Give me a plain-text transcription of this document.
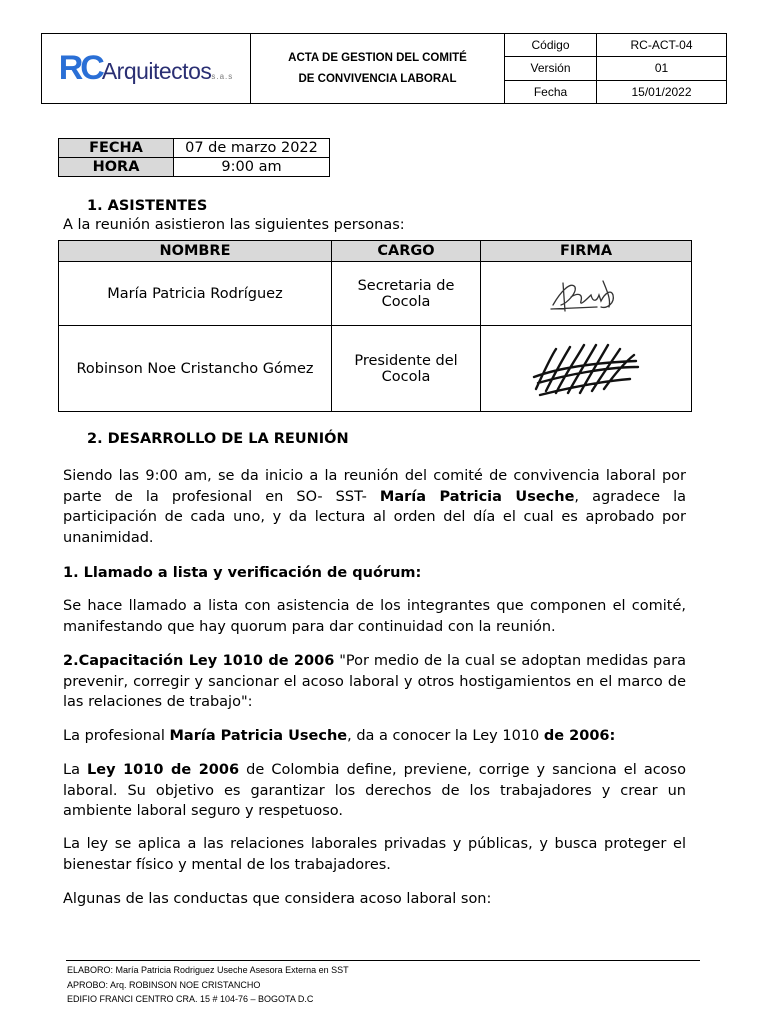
RCArquitectoss.a.s	ACTA DE GESTION DEL COMITÉ
DE CONVIVENCIA LABORAL	Código	RC-ACT-04
		Versión	01
		Fecha	15/01/2022
FECHA	07 de marzo 2022
HORA	9:00 am
1. ASISTENTES
A la reunión asistieron las siguientes personas:
NOMBRE	CARGO	FIRMA
María Patricia Rodríguez	Secretaria de
Cocola	

Robinson Noe Cristancho Gómez	Presidente del
Cocola	
2. DESARROLLO DE LA REUNIÓN
Siendo las 9:00 am, se da inicio a la reunión del comité de convivencia laboral por parte de la profesional en SO- SST- María Patricia Useche, agradece la participación de cada uno, y da lectura al orden del día el cual es aprobado por unanimidad.
1. Llamado a lista y verificación de quórum:
Se hace llamado a lista con asistencia de los integrantes que componen el comité, manifestando que hay quorum para dar continuidad con la reunión.
2.Capacitación Ley 1010 de 2006 "Por medio de la cual se adoptan medidas para prevenir, corregir y sancionar el acoso laboral y otros hostigamientos en el marco de las relaciones de trabajo":
La profesional María Patricia Useche, da a conocer la Ley 1010 de 2006:
La Ley 1010 de 2006 de Colombia define, previene, corrige y sanciona el acoso laboral. Su objetivo es garantizar los derechos de los trabajadores y crear un ambiente laboral seguro y respetuoso.
La ley se aplica a las relaciones laborales privadas y públicas, y busca proteger el bienestar físico y mental de los trabajadores.
Algunas de las conductas que considera acoso laboral son:
ELABORO: María Patricia Rodriguez Useche Asesora Externa en SST
APROBO: Arq. ROBINSON NOE CRISTANCHO
EDIFIO FRANCI CENTRO CRA. 15 # 104-76 – BOGOTA D.C
